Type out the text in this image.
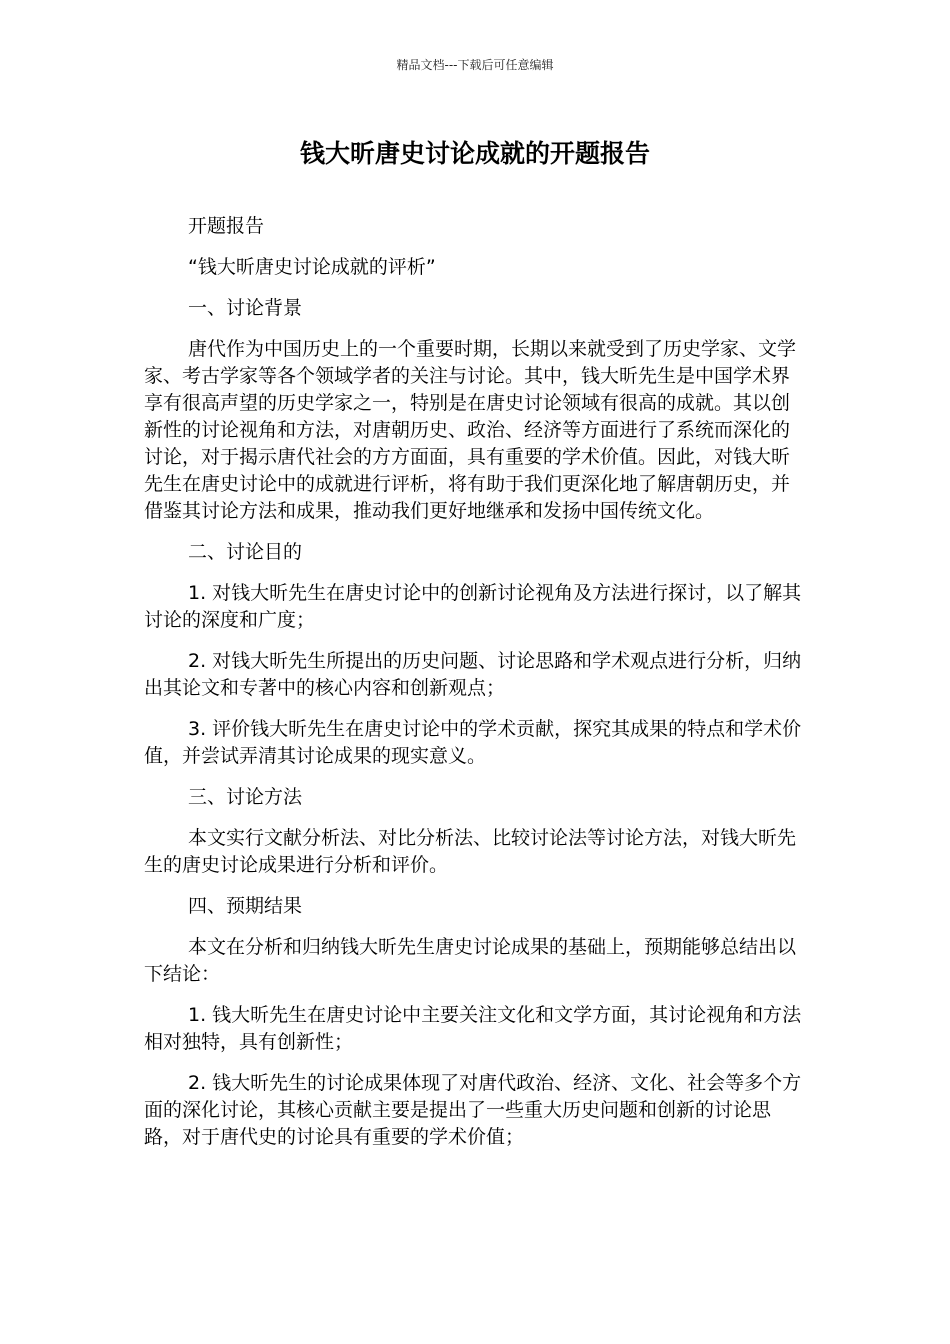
精品文档---下载后可任意编辑
钱大昕唐史讨论成就的开题报告

开题报告

“钱大昕唐史讨论成就的评析”

一、讨论背景

唐代作为中国历史上的一个重要时期，长期以来就受到了历史学家、文学家、考古学家等各个领域学者的关注与讨论。其中，钱大昕先生是中国学术界享有很高声望的历史学家之一，特别是在唐史讨论领域有很高的成就。其以创新性的讨论视角和方法，对唐朝历史、政治、经济等方面进行了系统而深化的讨论，对于揭示唐代社会的方方面面，具有重要的学术价值。因此，对钱大昕先生在唐史讨论中的成就进行评析，将有助于我们更深化地了解唐朝历史，并借鉴其讨论方法和成果，推动我们更好地继承和发扬中国传统文化。

二、讨论目的

1. 对钱大昕先生在唐史讨论中的创新讨论视角及方法进行探讨，以了解其讨论的深度和广度；

2. 对钱大昕先生所提出的历史问题、讨论思路和学术观点进行分析，归纳出其论文和专著中的核心内容和创新观点；

3. 评价钱大昕先生在唐史讨论中的学术贡献，探究其成果的特点和学术价值，并尝试弄清其讨论成果的现实意义。

三、讨论方法

本文实行文献分析法、对比分析法、比较讨论法等讨论方法，对钱大昕先生的唐史讨论成果进行分析和评价。

四、预期结果

本文在分析和归纳钱大昕先生唐史讨论成果的基础上，预期能够总结出以下结论：

1. 钱大昕先生在唐史讨论中主要关注文化和文学方面，其讨论视角和方法相对独特，具有创新性；

2. 钱大昕先生的讨论成果体现了对唐代政治、经济、文化、社会等多个方面的深化讨论，其核心贡献主要是提出了一些重大历史问题和创新的讨论思路，对于唐代史的讨论具有重要的学术价值；
